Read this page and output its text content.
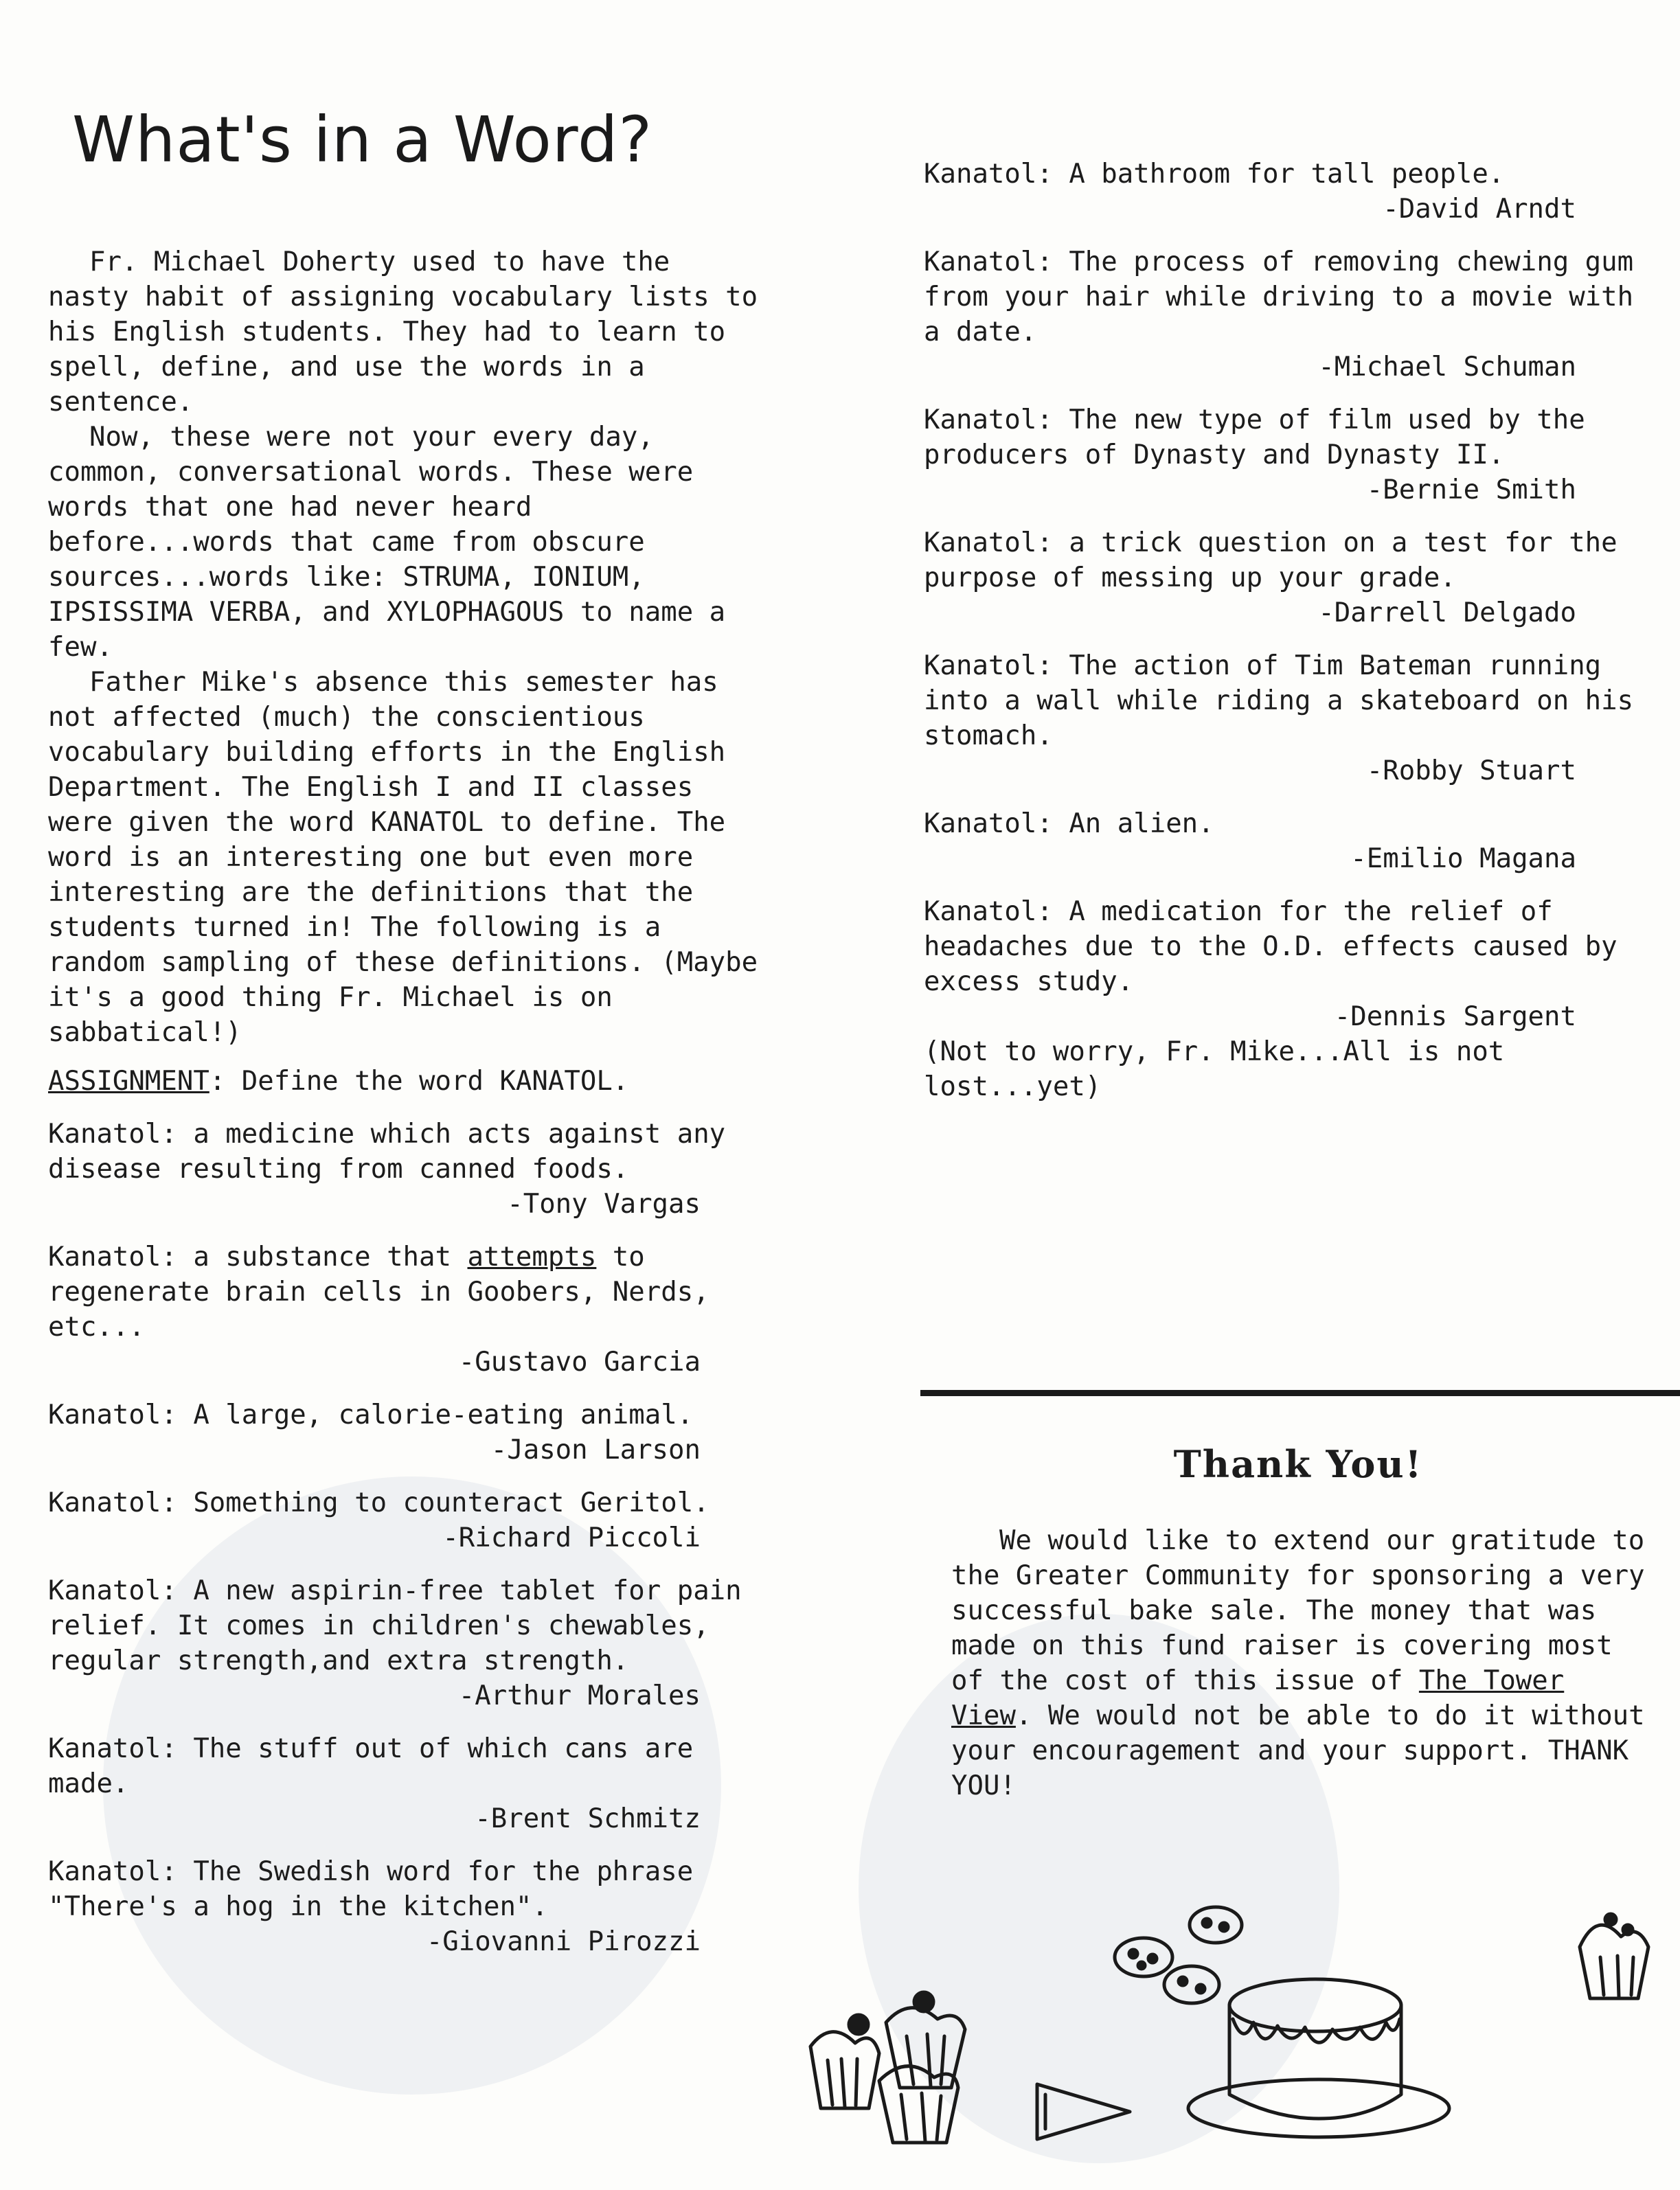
What's in a Word?

Fr. Michael Doherty used to have the nasty habit of assigning vocabulary lists to his English students. They had to learn to spell, define, and use the words in a sentence.

Now, these were not your every day, common, conversational words. These were words that one had never heard before...words that came from obscure sources...words like: STRUMA, IONIUM, IPSISSIMA VERBA, and XYLOPHAGOUS to name a few.

Father Mike's absence this semester has not affected (much) the conscientious vocabulary building efforts in the English Department. The English I and II classes were given the word KANATOL to define. The word is an interesting one but even more interesting are the definitions that the students turned in! The following is a random sampling of these definitions. (Maybe it's a good thing Fr. Michael is on sabbatical!)

ASSIGNMENT: Define the word KANATOL.

Kanatol: a medicine which acts against any disease resulting from canned foods.

-Tony Vargas

Kanatol: a substance that attempts to regenerate brain cells in Goobers, Nerds, etc...

-Gustavo Garcia

Kanatol: A large, calorie-eating animal.

-Jason Larson

Kanatol: Something to counteract Geritol.

-Richard Piccoli

Kanatol: A new aspirin-free tablet for pain relief. It comes in children's chewables, regular strength,and extra strength.

-Arthur Morales

Kanatol: The stuff out of which cans are made.

-Brent Schmitz

Kanatol: The Swedish word for the phrase "There's a hog in the kitchen".

-Giovanni Pirozzi

Kanatol: A bathroom for tall people.

-David Arndt

Kanatol: The process of removing chewing gum from your hair while driving to a movie with a date.

-Michael Schuman

Kanatol: The new type of film used by the producers of Dynasty and Dynasty II.

-Bernie Smith

Kanatol: a trick question on a test for the purpose of messing up your grade.

-Darrell Delgado

Kanatol: The action of Tim Bateman running into a wall while riding a skateboard on his stomach.

-Robby Stuart

Kanatol: An alien.

-Emilio Magana

Kanatol: A medication for the relief of headaches due to the O.D. effects caused by excess study.

-Dennis Sargent

(Not to worry, Fr. Mike...All is not lost...yet)

Thank You!

We would like to extend our gratitude to the Greater Community for sponsoring a very successful bake sale. The money that was made on this fund raiser is covering most of the cost of this issue of The Tower View. We would not be able to do it without your encouragement and your support. THANK YOU!
